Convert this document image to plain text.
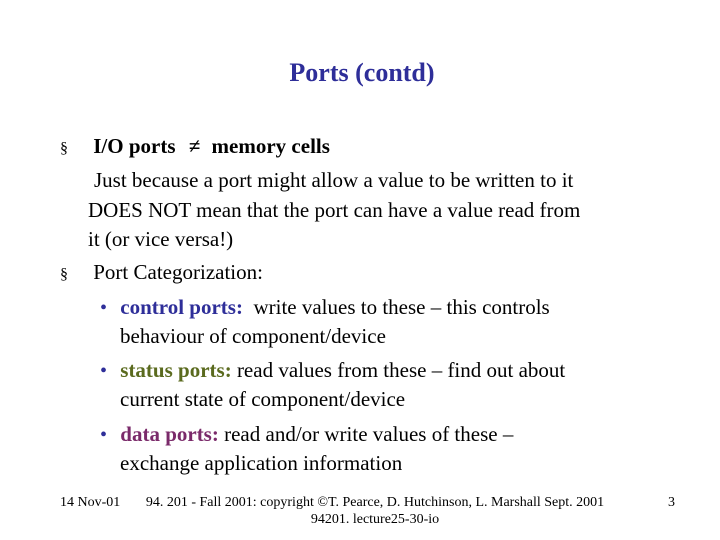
Ports (contd)
§ I/O ports ≠ memory cells
Just because a port might allow a value to be written to it
DOES NOT mean that the port can have a value read from
it (or vice versa!)
§ Port Categorization:
• control ports:  write values to these – this controls
behaviour of component/device
• status ports: read values from these – find out about
current state of component/device
• data ports: read and/or write values of these –
exchange application information
14 Nov-01	94. 201 - Fall 2001: copyright ©T. Pearce, D. Hutchinson, L. Marshall Sept. 2001
94201. lecture25-30-io
3
